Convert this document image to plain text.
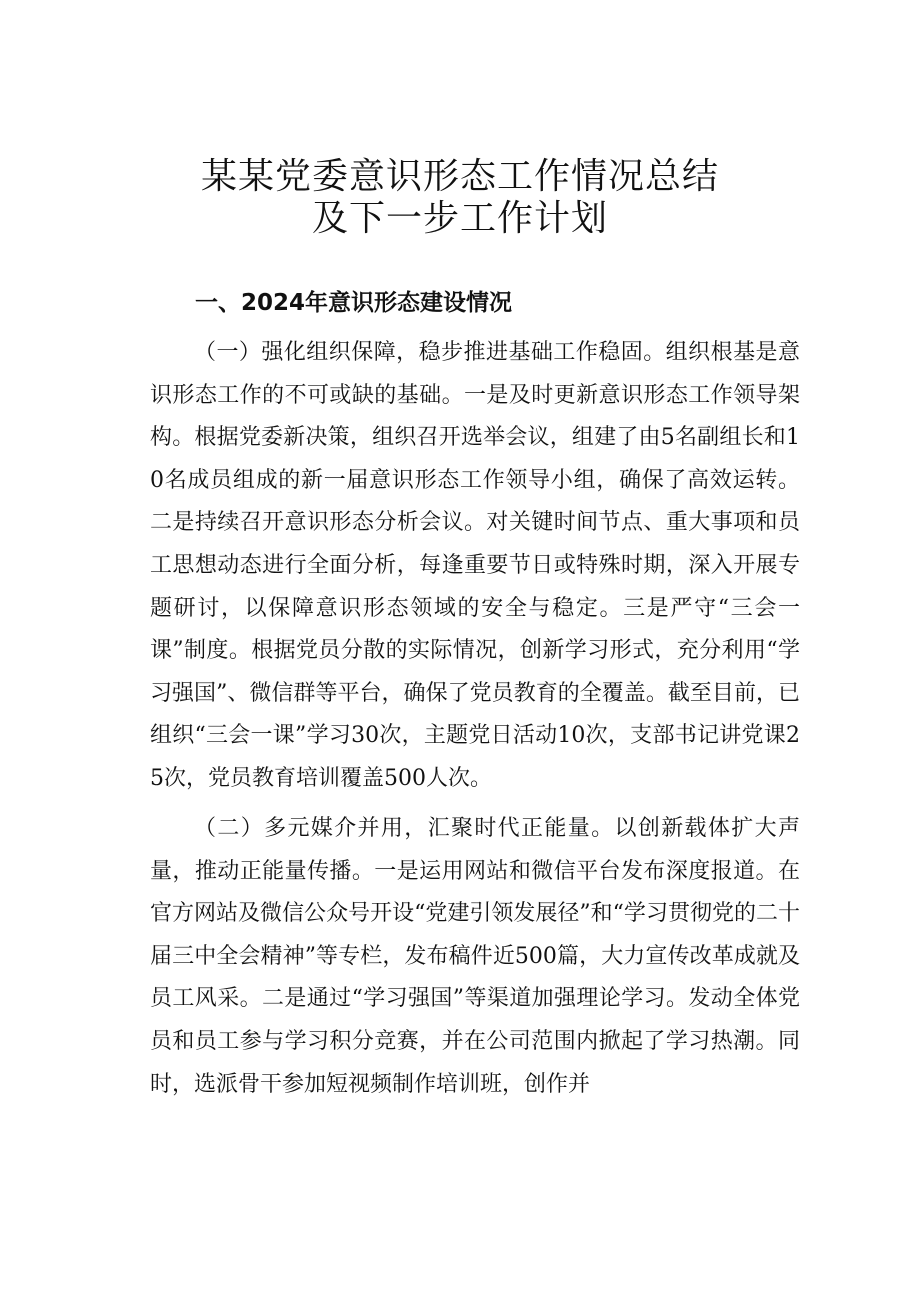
某某党委意识形态工作情况总结
及下一步工作计划
一、2024年意识形态建设情况

（一）强化组织保障，稳步推进基础工作稳固。组织根基是意识形态工作的不可或缺的基础。一是及时更新意识形态工作领导架构。根据党委新决策，组织召开选举会议，组建了由5名副组长和10名成员组成的新一届意识形态工作领导小组，确保了高效运转。二是持续召开意识形态分析会议。对关键时间节点、重大事项和员工思想动态进行全面分析，每逢重要节日或特殊时期，深入开展专题研讨，以保障意识形态领域的安全与稳定。三是严守“三会一课”制度。根据党员分散的实际情况，创新学习形式，充分利用“学习强国”、微信群等平台，确保了党员教育的全覆盖。截至目前，已组织“三会一课”学习30次，主题党日活动10次，支部书记讲党课25次，党员教育培训覆盖500人次。

（二）多元媒介并用，汇聚时代正能量。以创新载体扩大声量，推动正能量传播。一是运用网站和微信平台发布深度报道。在官方网站及微信公众号开设“党建引领发展径”和“学习贯彻党的二十届三中全会精神”等专栏，发布稿件近500篇，大力宣传改革成就及员工风采。二是通过“学习强国”等渠道加强理论学习。发动全体党员和员工参与学习积分竞赛，并在公司范围内掀起了学习热潮。同时，选派骨干参加短视频制作培训班，创作并
